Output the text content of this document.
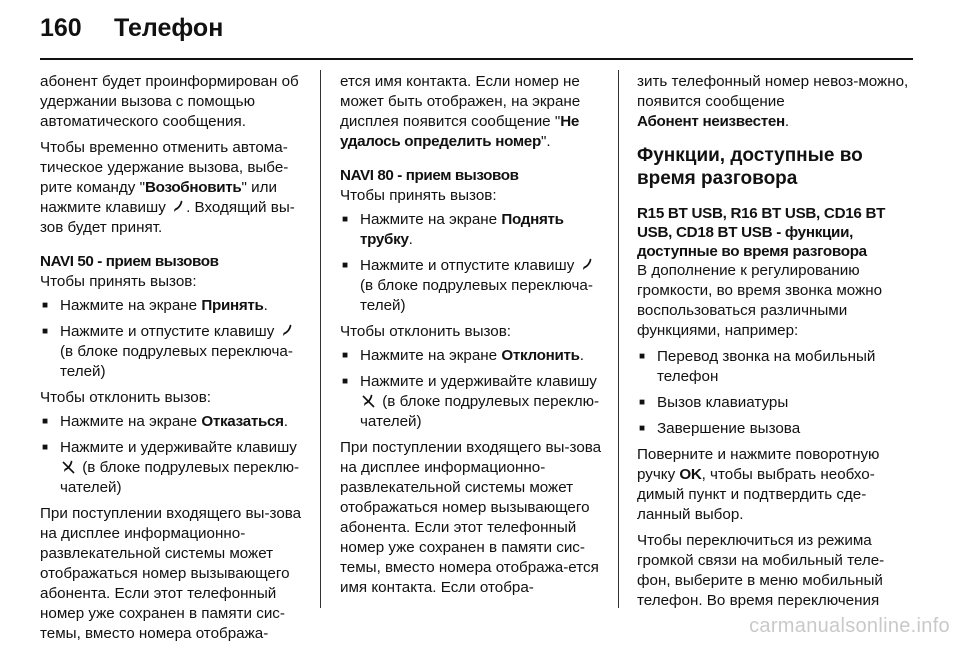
160	Телефон

абонент будет проинформирован об удержании вызова с помощью автоматического сообщения.

Чтобы временно отменить автома-тическое удержание вызова, выбе-рите команду "Возобновить" или нажмите клавишу . Входящий вы-зов будет принят.

NAVI 50 - прием вызовов

Чтобы принять вызов:

■ Нажмите на экране Принять.
■ Нажмите и отпустите клавишу  (в блоке подрулевых переключа-телей)

Чтобы отклонить вызов:

■ Нажмите на экране Отказаться.
■ Нажмите и удерживайте клавишу
(в блоке подрулевых переклю-чателей)

При поступлении входящего вы-зова на дисплее информационно-развлекательной системы может отображаться номер вызывающего абонента. Если этот телефонный номер уже сохранен в памяти сис-темы, вместо номера отобража-

ется имя контакта. Если номер не может быть отображен, на экране дисплея появится сообщение "Не удалось определить номер".

NAVI 80 - прием вызовов

Чтобы принять вызов:

■ Нажмите на экране Поднять трубку.
■ Нажмите и отпустите клавишу  (в блоке подрулевых переключа-телей)

Чтобы отклонить вызов:

■ Нажмите на экране Отклонить.
■ Нажмите и удерживайте клавишу
(в блоке подрулевых переклю-чателей)

При поступлении входящего вы-зова на дисплее информационно-развлекательной системы может отображаться номер вызывающего абонента. Если этот телефонный номер уже сохранен в памяти сис-темы, вместо номера отобража-ется имя контакта. Если отобра-

зить телефонный номер невоз-можно, появится сообщение
Абонент неизвестен.

Функции, доступные во время разговора

R15 BT USB, R16 BT USB, CD16 BT USB, CD18 BT USB - функции, доступные во время разговора

В дополнение к регулированию громкости, во время звонка можно воспользоваться различными функциями, например:

■ Перевод звонка на мобильный телефон
■ Вызов клавиатуры
■ Завершение вызова

Поверните и нажмите поворотную ручку OK, чтобы выбрать необхо-димый пункт и подтвердить сде-ланный выбор.

Чтобы переключиться из режима громкой связи на мобильный теле-фон, выберите в меню мобильный телефон. Во время переключения

carmanualsonline.info
